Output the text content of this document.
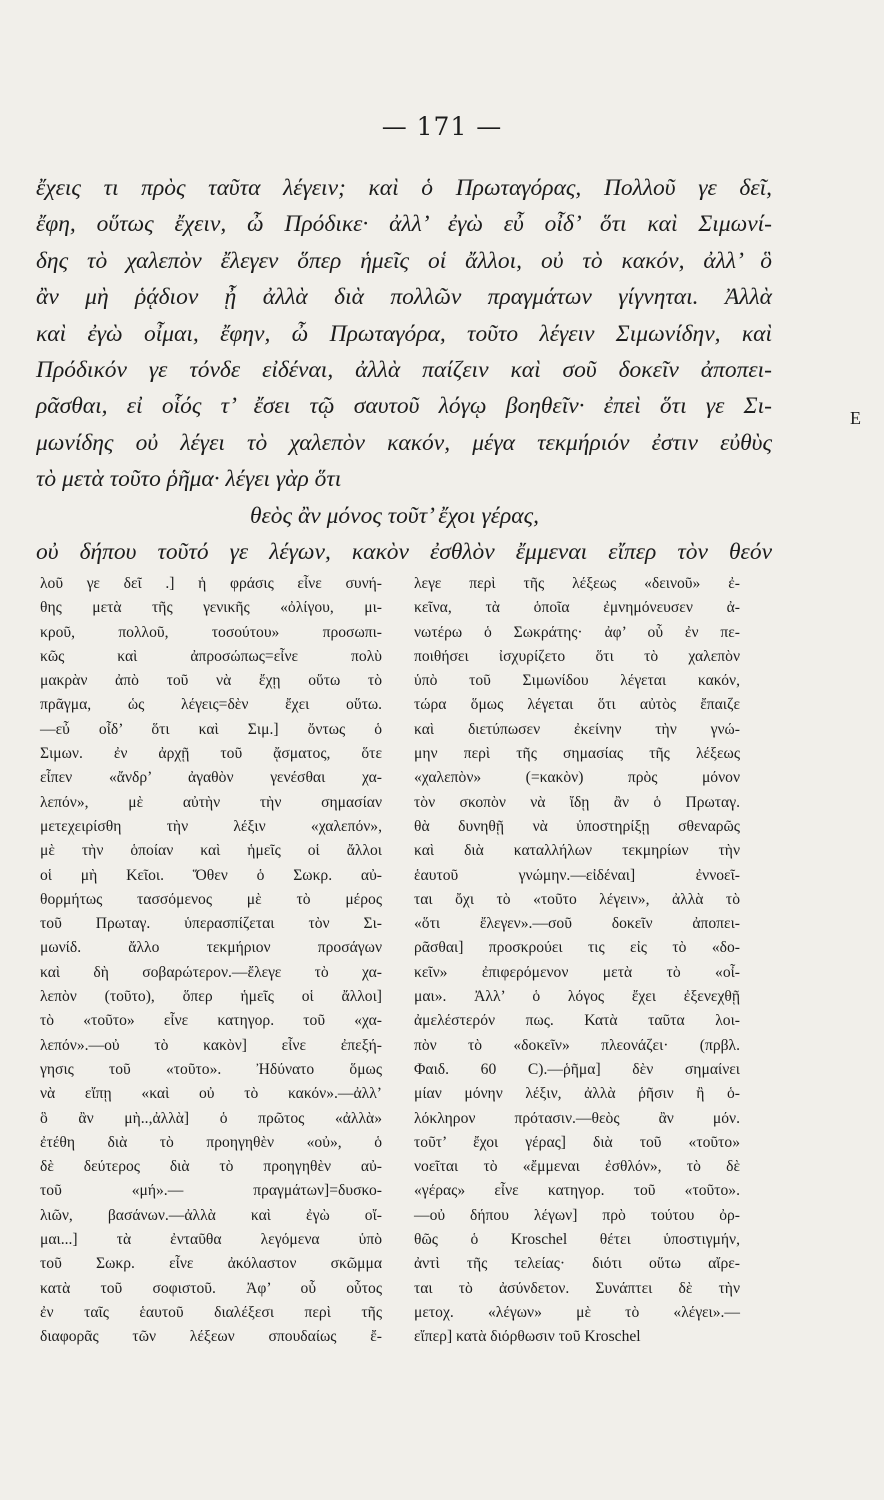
— 171 —
ἔχεις τι πρὸς ταῦτα λέγειν; καὶ ὁ Πρωταγόρας, Πολλοῦ γε δεῖ,
ἔφη, οὕτως ἔχειν, ὦ Πρόδικε· ἀλλ’ ἐγὼ εὖ οἶδ’ ὅτι καὶ Σιμωνί-
δης τὸ χαλεπὸν ἔλεγεν ὅπερ ἡμεῖς οἱ ἄλλοι, οὐ τὸ κακόν, ἀλλ’ ὃ
ἂν μὴ ῥᾴδιον ᾖ ἀλλὰ διὰ πολλῶν πραγμάτων γίγνηται. Ἀλλὰ
καὶ ἐγὼ οἶμαι, ἔφην, ὦ Πρωταγόρα, τοῦτο λέγειν Σιμωνίδην, καὶ
Πρόδικόν γε τόνδε εἰδέναι, ἀλλὰ παίζειν καὶ σοῦ δοκεῖν ἀποπει-
ρᾶσθαι, εἰ οἷός τ’ ἔσει τῷ σαυτοῦ λόγῳ βοηθεῖν· ἐπεὶ ὅτι γε Σι-
μωνίδης οὐ λέγει τὸ χαλεπὸν κακόν, μέγα τεκμήριόν ἐστιν εὐθὺς
τὸ μετὰ τοῦτο ῥῆμα· λέγει γὰρ ὅτι
θεὸς ἂν μόνος τοῦτ’ ἔχοι γέρας,
οὐ δήπου τοῦτό γε λέγων, κακὸν ἐσθλὸν ἔμμεναι εἴπερ τὸν θεόν
E
λοῦ γε δεῖ .] ἡ φράσις εἶνε συνή-
θης μετὰ τῆς γενικῆς «ὀλίγου, μι-
κροῦ, πολλοῦ, τοσούτου» προσωπι-
κῶς καὶ ἀπροσώπως=εἶνε πολὺ
μακρὰν ἀπὸ τοῦ νὰ ἔχῃ οὕτω τὸ
πρᾶγμα, ὡς λέγεις=δὲν ἔχει οὕτω.
—εὖ οἶδ’ ὅτι καὶ Σιμ.] ὄντως ὁ
Σιμων. ἐν ἀρχῇ τοῦ ᾄσματος, ὅτε
εἶπεν «ἄνδρ’ ἀγαθὸν γενέσθαι χα-
λεπόν», μὲ αὐτὴν τὴν σημασίαν
μετεχειρίσθη τὴν λέξιν «χαλεπόν»,
μὲ τὴν ὁποίαν καὶ ἡμεῖς οἱ ἄλλοι
οἱ μὴ Κεῖοι. Ὅθεν ὁ Σωκρ. αὐ-
θορμήτως τασσόμενος μὲ τὸ μέρος
τοῦ Πρωταγ. ὑπερασπίζεται τὸν Σι-
μωνίδ. ἄλλο τεκμήριον προσάγων
καὶ δὴ σοβαρώτερον.—ἔλεγε τὸ χα-
λεπὸν (τοῦτο), ὅπερ ἡμεῖς οἱ ἄλλοι]
τὸ «τοῦτο» εἶνε κατηγορ. τοῦ «χα-
λεπόν».—οὐ τὸ κακὸν] εἶνε ἐπεξή-
γησις τοῦ «τοῦτο». Ἠδύνατο ὅμως
νὰ εἴπῃ «καὶ οὐ τὸ κακόν».—ἀλλ’
ὃ ἂν μὴ..,ἀλλὰ] ὁ πρῶτος «ἀλλὰ»
ἐτέθη διὰ τὸ προηγηθὲν «οὐ», ὁ
δὲ δεύτερος διὰ τὸ προηγηθὲν αὐ-
τοῦ «μή».— πραγμάτων]=δυσκο-
λιῶν, βασάνων.—ἀλλὰ καὶ ἐγὼ οἴ-
μαι...] τὰ ἐνταῦθα λεγόμενα ὑπὸ
τοῦ Σωκρ. εἶνε ἀκόλαστον σκῶμμα
κατὰ τοῦ σοφιστοῦ. Ἀφ’ οὗ οὗτος
ἐν ταῖς ἑαυτοῦ διαλέξεσι περὶ τῆς
διαφορᾶς τῶν λέξεων σπουδαίως ἔ-
λεγε περὶ τῆς λέξεως «δεινοῦ» ἐ-
κεῖνα, τὰ ὁποῖα ἐμνημόνευσεν ἀ-
νωτέρω ὁ Σωκράτης· ἀφ’ οὗ ἐν πε-
ποιθήσει ἰσχυρίζετο ὅτι τὸ χαλεπὸν
ὑπὸ τοῦ Σιμωνίδου λέγεται κακόν,
τώρα ὅμως λέγεται ὅτι αὐτὸς ἔπαιζε
καὶ διετύπωσεν ἐκείνην τὴν γνώ-
μην περὶ τῆς σημασίας τῆς λέξεως
«χαλεπὸν» (=κακὸν) πρὸς μόνον
τὸν σκοπὸν νὰ ἴδῃ ἂν ὁ Πρωταγ.
θὰ δυνηθῇ νὰ ὑποστηρίξῃ σθεναρῶς
καὶ διὰ καταλλήλων τεκμηρίων τὴν
ἑαυτοῦ γνώμην.—εἰδέναι] ἐννοεῖ-
ται ὄχι τὸ «τοῦτο λέγειν», ἀλλὰ τὸ
«ὅτι ἔλεγεν».—σοῦ δοκεῖν ἀποπει-
ρᾶσθαι] προσκρούει τις εἰς τὸ «δο-
κεῖν» ἐπιφερόμενον μετὰ τὸ «οἶ-
μαι». Ἀλλ’ ὁ λόγος ἔχει ἐξενεχθῇ
ἀμελέστερόν πως. Κατὰ ταῦτα λοι-
πὸν τὸ «δοκεῖν» πλεονάζει· (πρβλ.
Φαιδ. 60 C).—ῥῆμα] δὲν σημαίνει
μίαν μόνην λέξιν, ἀλλὰ ῥῆσιν ἢ ὁ-
λόκληρον πρότασιν.—θεὸς ἂν μόν.
τοῦτ’ ἔχοι γέρας] διὰ τοῦ «τοῦτο»
νοεῖται τὸ «ἔμμεναι ἐσθλόν», τὸ δὲ
«γέρας» εἶνε κατηγορ. τοῦ «τοῦτο».
—οὐ δήπου λέγων] πρὸ τούτου ὀρ-
θῶς ὁ Kroschel θέτει ὑποστιγμήν,
ἀντὶ τῆς τελείας· διότι οὕτω αἴρε-
ται τὸ ἀσύνδετον. Συνάπτει δὲ τὴν
μετοχ. «λέγων» μὲ τὸ «λέγει».—
εἴπερ] κατὰ διόρθωσιν τοῦ Kroschel
